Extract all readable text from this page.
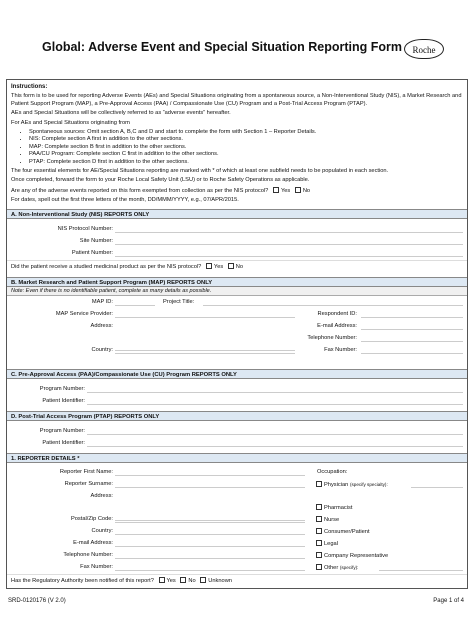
Global: Adverse Event and Special Situation Reporting Form	Roche

Instructions:

This form is to be used for reporting Adverse Events (AEs) and Special Situations originating from a spontaneous source, a Non-Interventional Study (NIS), a Market Research and Patient Support Program (MAP), a Pre-Approval Access (PAA) / Compassionate Use (CU) Program and a Post-Trial Access Program (PTAP).

AEs and Special Situations will be collectively referred to as “adverse events” hereafter.

For AEs and Special Situations originating from

• Spontaneous sources: Omit section A, B,C and D and start to complete the form with Section 1 – Reporter Details.
• NIS: Complete section A first in addition to the other sections.
• MAP: Complete section B first in addition to the other sections.
• PAA/CU Program: Complete section C first in addition to the other sections.
• PTAP: Complete section D first in addition to the other sections.

The four essential elements for AE/Special Situations reporting are marked with * of which at least one subfield needs to be populated in each section.

Once completed, forward the form to your Roche Local Safety Unit (LSU) or to Roche Safety Operations as applicable.

Are any of the adverse events reported on this form exempted from collection as per the NIS protocol? Yes No

For dates, spell out the first three letters of the month, DD/MMM/YYYY, e.g., 07/APR/2015.

A. Non-Interventional Study (NIS) REPORTS ONLY
NIS Protocol Number:
Site Number:
Patient Number:
Did the patient receive a studied medicinal product as per the NIS protocol? Yes No
B. Market Research and Patient Support Program (MAP) REPORTS ONLY
Note: Even if there is no identifiable patient, complete as many details as possible.
MAP ID:	Project Title:
MAP Service Provider:	Respondent ID:
Address:	E-mail Address:
Telephone Number:
Country:	Fax Number:
C. Pre-Approval Access (PAA)/Compassionate Use (CU) Program REPORTS ONLY
Program Number:
Patient Identifier:
D. Post-Trial Access Program (PTAP) REPORTS ONLY
Program Number:
Patient Identifier:
1. REPORTER DETAILS *
Reporter First Name:	Occupation:
Reporter Surname:	Physician (specify specialty):
Address:
Pharmacist
Postal/Zip Code:	Nurse
Country:	Consumer/Patient
E-mail Address:	Legal
Telephone Number:	Company Representative
Fax Number:	Other (specify):
Has the Regulatory Authority been notified of this report? Yes No Unknown
SRD-0120176 (V 2.0)	Page 1 of 4
